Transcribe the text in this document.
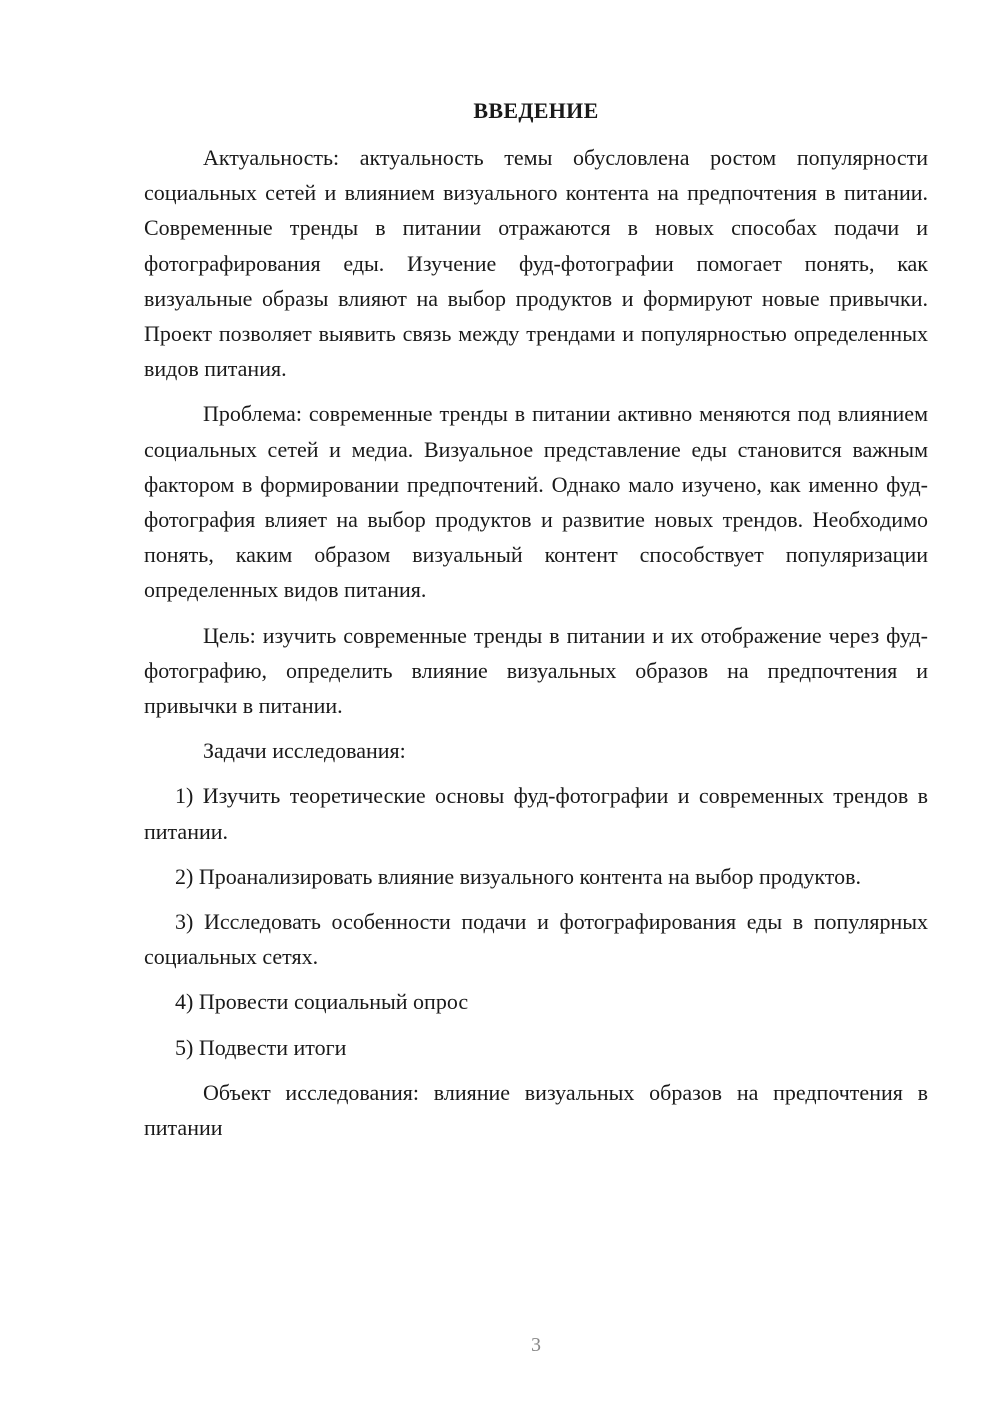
ВВЕДЕНИЕ

Актуальность: актуальность темы обусловлена ростом популярности социальных сетей и влиянием визуального контента на предпочтения в питании. Современные тренды в питании отражаются в новых способах подачи и фотографирования еды. Изучение фуд-фотографии помогает понять, как визуальные образы влияют на выбор продуктов и формируют новые привычки. Проект позволяет выявить связь между трендами и популярностью определенных видов питания.

Проблема: современные тренды в питании активно меняются под влиянием социальных сетей и медиа. Визуальное представление еды становится важным фактором в формировании предпочтений. Однако мало изучено, как именно фуд-фотография влияет на выбор продуктов и развитие новых трендов. Необходимо понять, каким образом визуальный контент способствует популяризации определенных видов питания.

Цель: изучить современные тренды в питании и их отображение через фуд-фотографию, определить влияние визуальных образов на предпочтения и привычки в питании.

Задачи исследования:

1) Изучить теоретические основы фуд-фотографии и современных трендов в питании.

2) Проанализировать влияние визуального контента на выбор продуктов.

3) Исследовать особенности подачи и фотографирования еды в популярных социальных сетях.

4) Провести социальный опрос

5) Подвести итоги

Объект исследования: влияние визуальных образов на предпочтения в питании

3
